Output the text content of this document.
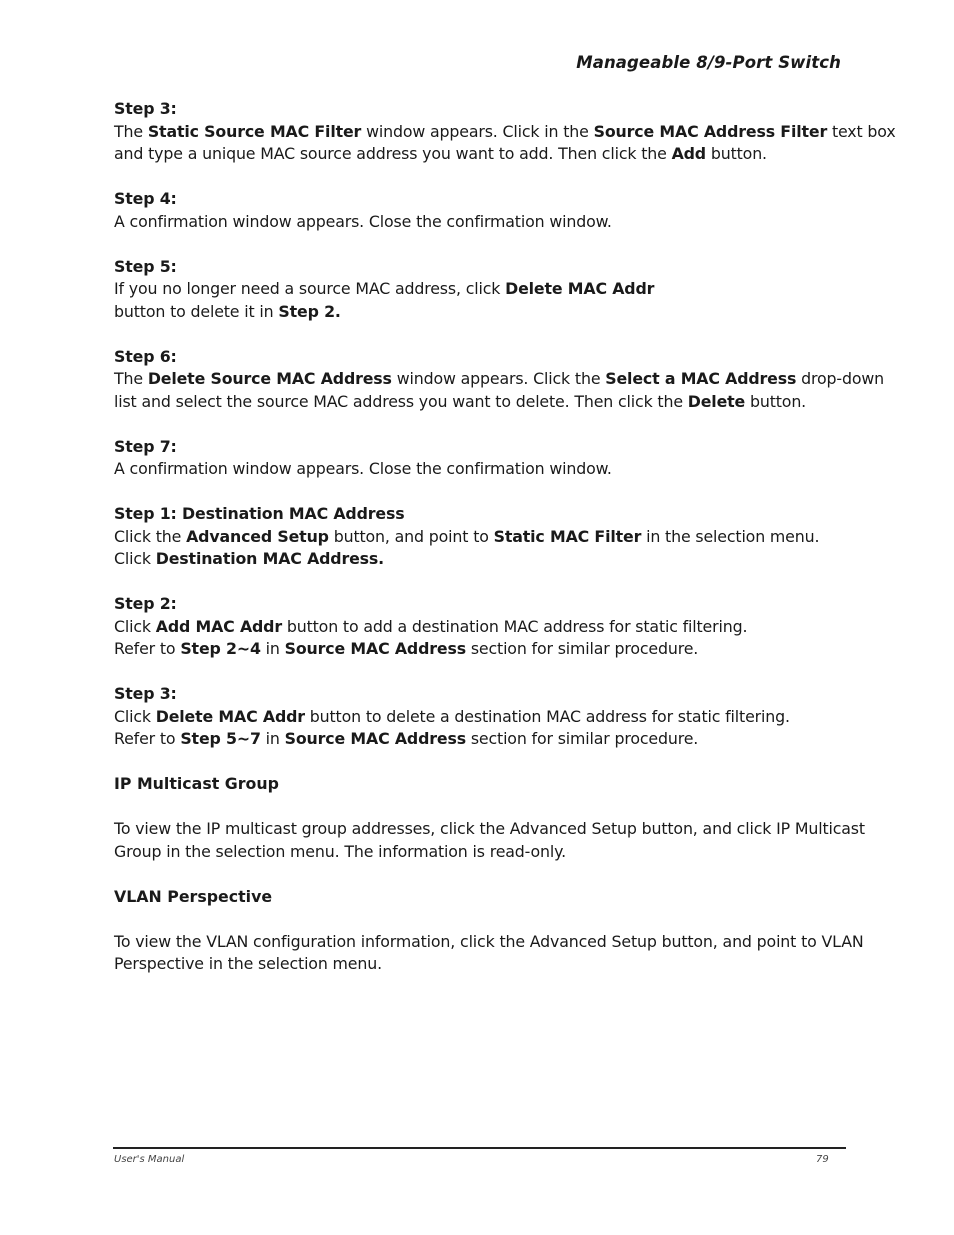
Manageable 8/9-Port Switch

Step 3:

The Static Source MAC Filter window appears. Click in the Source MAC Address Filter text box and type a unique MAC source address you want to add. Then click the Add button.

Step 4:

A confirmation window appears. Close the confirmation window.

Step 5:

If you no longer need a source MAC address, click Delete MAC Addr
button to delete it in Step 2.

Step 6:

The Delete Source MAC Address window appears. Click the Select a MAC Address drop-down list and select the source MAC address you want to delete. Then click the Delete button.

Step 7:

A confirmation window appears. Close the confirmation window.

Step 1: Destination MAC Address

Click the Advanced Setup button, and point to Static MAC Filter in the selection menu.
Click Destination MAC Address.

Step 2:

Click Add MAC Addr button to add a destination MAC address for static filtering.
Refer to Step 2~4 in Source MAC Address section for similar procedure.

Step 3:

Click Delete MAC Addr button to delete a destination MAC address for static filtering.
Refer to Step 5~7 in Source MAC Address section for similar procedure.

IP Multicast Group

To view the IP multicast group addresses, click the Advanced Setup button, and click IP Multicast Group in the selection menu. The information is read-only.

VLAN Perspective

To view the VLAN configuration information, click the Advanced Setup button, and point to VLAN Perspective in the selection menu.

User's Manual	79
